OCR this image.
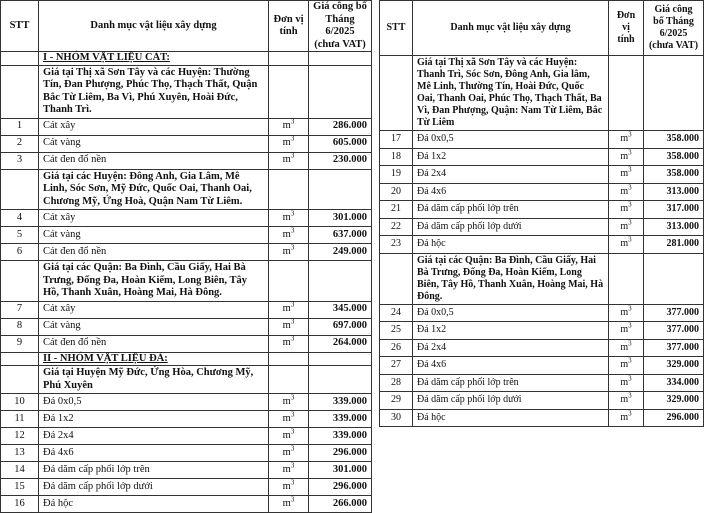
STT	Danh mục vật liệu xây dựng	Đơn vị tính	Giá công bố Tháng 6/2025 (chưa VAT)
	I - NHÓM VẬT LIỆU CÁT:		
	Giá tại Thị xã Sơn Tây và các Huyện: Thường Tín, Đan Phượng, Phúc Thọ, Thạch Thất, Quận Bắc Từ Liêm, Ba Vì, Phú Xuyên, Hoài Đức, Thanh Trì.		
1	Cát xây	$m^3$	286.000
2	Cát vàng	$m^3$	605.000
3	Cát đen đổ nền	$m^3$	230.000
	Giá tại các Huyện: Đông Anh, Gia Lâm, Mê Linh, Sóc Sơn, Mỹ Đức, Quốc Oai, Thanh Oai, Chương Mỹ, Ứng Hoà, Quận Nam Từ Liêm.		
4	Cát xây	$m^3$	301.000
5	Cát vàng	$m^3$	637.000
6	Cát đen đổ nền	$m^3$	249.000
	Giá tại các Quận: Ba Đình, Cầu Giấy, Hai Bà Trưng, Đống Đa, Hoàn Kiếm, Long Biên, Tây Hồ, Thanh Xuân, Hoàng Mai, Hà Đông.		
7	Cát xây	$m^3$	345.000
8	Cát vàng	$m^3$	697.000
9	Cát đen đổ nền	$m^3$	264.000
	II - NHÓM VẬT LIỆU ĐÁ:		
	Giá tại Huyện Mỹ Đức, Ứng Hòa, Chương Mỹ, Phú Xuyên		
10	Đá 0x0,5	$m^3$	339.000
11	Đá 1x2	$m^3$	339.000
12	Đá 2x4	$m^3$	339.000
13	Đá 4x6	$m^3$	296.000
14	Đá dăm cấp phối lớp trên	$m^3$	301.000
15	Đá dăm cấp phối lớp dưới	$m^3$	296.000
16	Đá hộc	$m^3$	266.000
STT	Danh mục vật liệu xây dựng	Đơn vị tính	Giá công bố Tháng 6/2025 (chưa VAT)
	Giá tại Thị xã Sơn Tây và các Huyện: Thanh Trì, Sóc Sơn, Đông Anh, Gia lâm, Mê Linh, Thường Tín, Hoài Đức, Quốc Oai, Thanh Oai, Phúc Thọ, Thạch Thất, Ba Vì, Đan Phượng, Quận: Nam Từ Liêm, Bắc Từ Liêm		
17	Đá 0x0,5	$m^3$	358.000
18	Đá 1x2	$m^3$	358.000
19	Đá 2x4	$m^3$	358.000
20	Đá 4x6	$m^3$	313.000
21	Đá dăm cấp phối lớp trên	$m^3$	317.000
22	Đá dăm cấp phối lớp dưới	$m^3$	313.000
23	Đá hộc	$m^3$	281.000
	Giá tại các Quận: Ba Đình, Cầu Giấy, Hai Bà Trưng, Đống Đa, Hoàn Kiếm, Long Biên, Tây Hồ, Thanh Xuân, Hoàng Mai, Hà Đông.		
24	Đá 0x0,5	$m^3$	377.000
25	Đá 1x2	$m^3$	377.000
26	Đá 2x4	$m^3$	377.000
27	Đá 4x6	$m^3$	329.000
28	Đá dăm cấp phối lớp trên	$m^3$	334.000
29	Đá dăm cấp phối lớp dưới	$m^3$	329.000
30	Đá hộc	$m^3$	296.000
